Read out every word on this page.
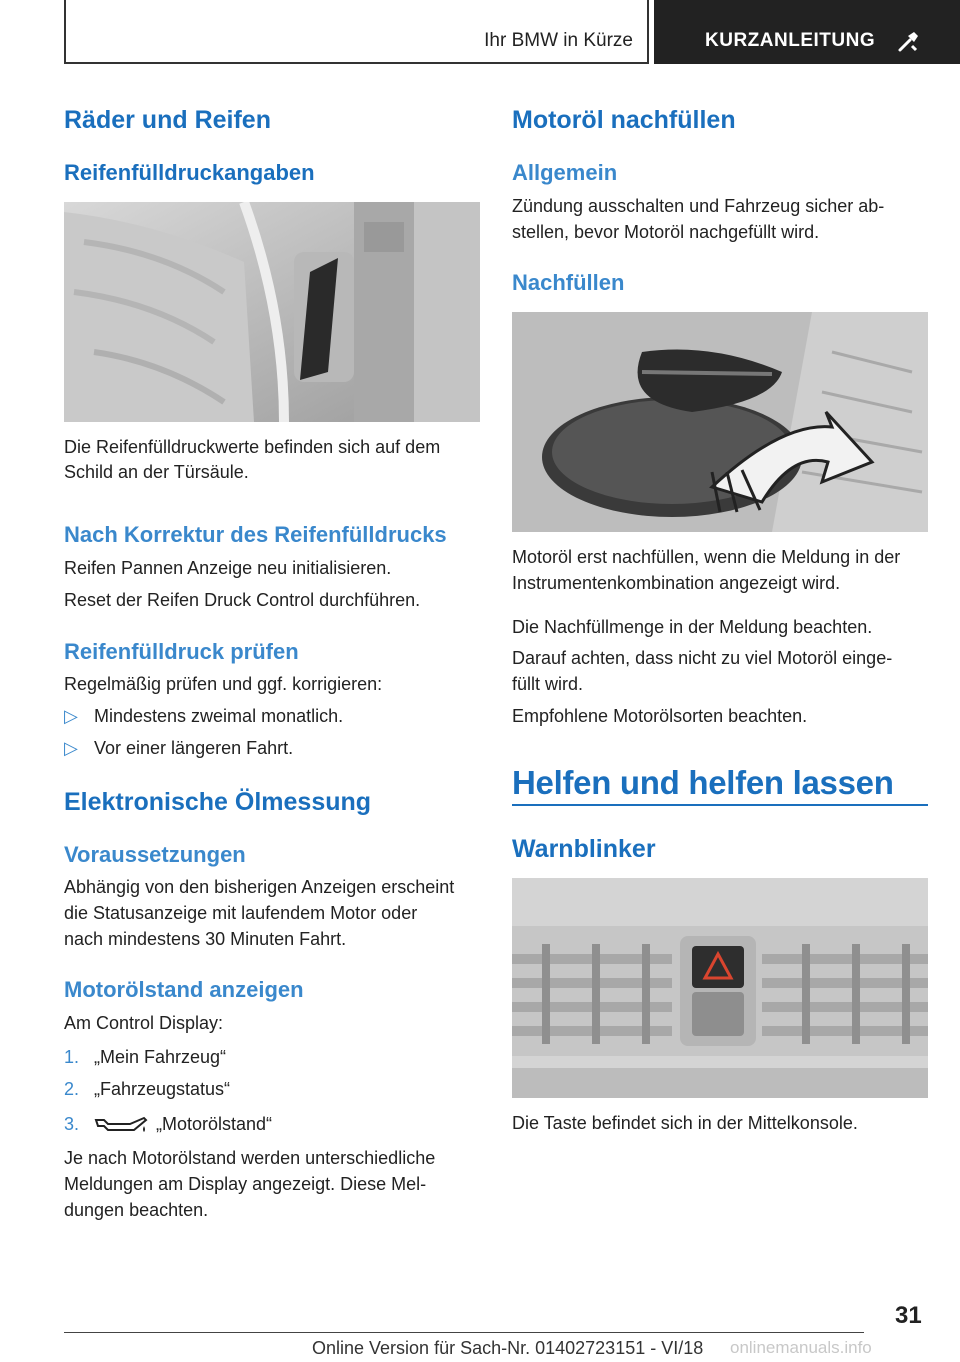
Ihr BMW in Kürze	KURZANLEITUNG
Räder und Reifen
Reifenfülldruckangaben
Die Reifenfülldruckwerte befinden sich auf dem
Schild an der Türsäule.
Nach Korrektur des Reifenfülldrucks
Reifen Pannen Anzeige neu initialisieren.
Reset der Reifen Druck Control durchführen.
Reifenfülldruck prüfen
Regelmäßig prüfen und ggf. korrigieren:
▷ Mindestens zweimal monatlich.
▷ Vor einer längeren Fahrt.
Elektronische Ölmessung
Voraussetzungen
Abhängig von den bisherigen Anzeigen erscheint
die Statusanzeige mit laufendem Motor oder
nach mindestens 30 Minuten Fahrt.
Motorölstand anzeigen
Am Control Display:
1. „Mein Fahrzeug“
2. „Fahrzeugstatus“
3.	„Motorölstand“
Je nach Motorölstand werden unterschiedliche
Meldungen am Display angezeigt. Diese Mel-
dungen beachten.
Motoröl nachfüllen
Allgemein
Zündung ausschalten und Fahrzeug sicher ab-
stellen, bevor Motoröl nachgefüllt wird.
Nachfüllen
Motoröl erst nachfüllen, wenn die Meldung in der
Instrumentenkombination angezeigt wird.
Die Nachfüllmenge in der Meldung beachten.
Darauf achten, dass nicht zu viel Motoröl einge-
füllt wird.
Empfohlene Motorölsorten beachten.
Helfen und helfen lassen
Warnblinker
Die Taste befindet sich in der Mittelkonsole.
31
Online Version für Sach-Nr. 01402723151 - VI/18 onlinemanuals.info
